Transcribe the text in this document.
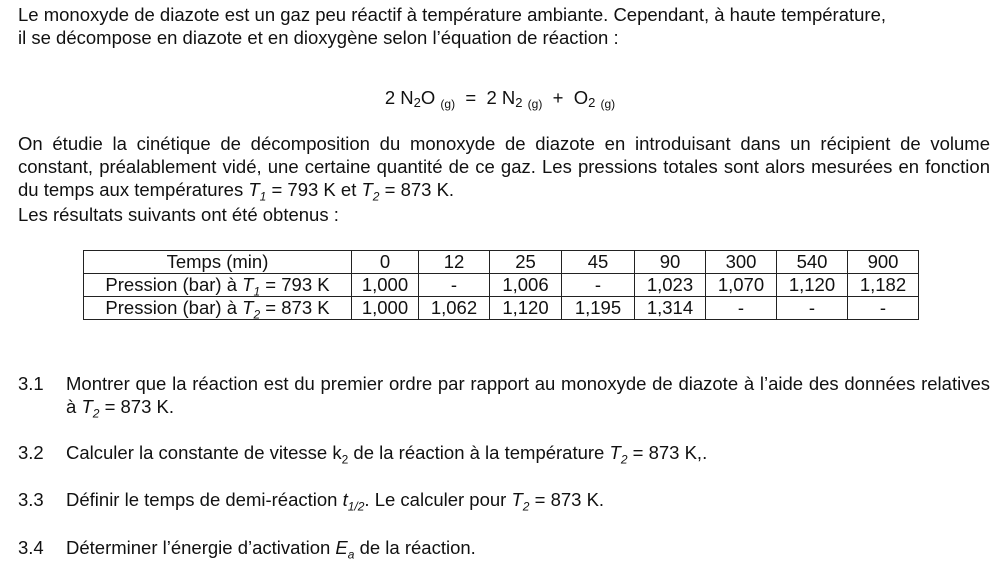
Le monoxyde de diazote est un gaz peu réactif à température ambiante. Cependant, à haute température,
il se décompose en diazote et en dioxygène selon l’équation de réaction :
2 N2O $_{(g)}$ = 2 N2 $_{(g)}$ + O2 $_{(g)}$
On étudie la cinétique de décomposition du monoxyde de diazote en introduisant dans un récipient de volume constant, préalablement vidé, une certaine quantité de ce gaz. Les pressions totales sont alors mesurées en fonction du temps aux températures $T_1 = 793$ K et $T_2 = 873$ K.
Les résultats suivants ont été obtenus :
Temps (min)	0	12	25	45	90	300	540	900
Pression (bar) à $T_1 = 793$ K	1,000	-	1,006	-	1,023	1,070	1,120	1,182
Pression (bar) à $T_2 = 873$ K	1,000	1,062	1,120	1,195	1,314	-	-	-
3.1 Montrer que la réaction est du premier ordre par rapport au monoxyde de diazote à l’aide des données relatives à $T_2 = 873$ K.
3.2 Calculer la constante de vitesse $k_2$ de la réaction à la température $T_2 = 873$ K,.
3.3 Définir le temps de demi-réaction $t_{1/2}$. Le calculer pour $T_2 = 873$ K.
3.4 Déterminer l’énergie d’activation $E_a$ de la réaction.
